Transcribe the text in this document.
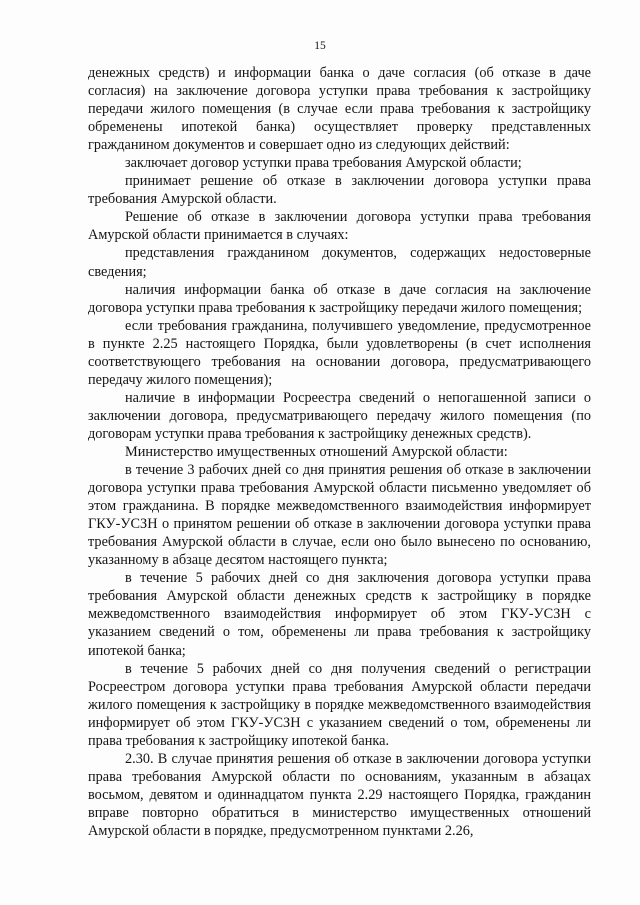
15

денежных средств) и информации банка о даче согласия (об отказе в даче согласия) на заключение договора уступки права требования к застройщику передачи жилого помещения (в случае если права требования к застройщику обременены ипотекой банка) осуществляет проверку представленных гражданином документов и совершает одно из следующих действий:

заключает договор уступки права требования Амурской области;

принимает решение об отказе в заключении договора уступки права требования Амурской области.

Решение об отказе в заключении договора уступки права требования Амурской области принимается в случаях:

представления гражданином документов, содержащих недостоверные сведения;

наличия информации банка об отказе в даче согласия на заключение договора уступки права требования к застройщику передачи жилого помещения;

если требования гражданина, получившего уведомление, предусмотренное в пункте 2.25 настоящего Порядка, были удовлетворены (в счет исполнения соответствующего требования на основании договора, предусматривающего передачу жилого помещения);

наличие в информации Росреестра сведений о непогашенной записи о заключении договора, предусматривающего передачу жилого помещения (по договорам уступки права требования к застройщику денежных средств).

Министерство имущественных отношений Амурской области:

в течение 3 рабочих дней со дня принятия решения об отказе в заключении договора уступки права требования Амурской области письменно уведомляет об этом гражданина. В порядке межведомственного взаимодействия информирует ГКУ-УСЗН о принятом решении об отказе в заключении договора уступки права требования Амурской области в случае, если оно было вынесено по основанию, указанному в абзаце десятом настоящего пункта;

в течение 5 рабочих дней со дня заключения договора уступки права требования Амурской области денежных средств к застройщику в порядке межведомственного взаимодействия информирует об этом ГКУ-УСЗН с указанием сведений о том, обременены ли права требования к застройщику ипотекой банка;

в течение 5 рабочих дней со дня получения сведений о регистрации Росреестром договора уступки права требования Амурской области передачи жилого помещения к застройщику в порядке межведомственного взаимодействия информирует об этом ГКУ-УСЗН с указанием сведений о том, обременены ли права требования к застройщику ипотекой банка.

2.30. В случае принятия решения об отказе в заключении договора уступки права требования Амурской области по основаниям, указанным в абзацах восьмом, девятом и одиннадцатом пункта 2.29 настоящего Порядка, гражданин вправе повторно обратиться в министерство имущественных отношений Амурской области в порядке, предусмотренном пунктами 2.26,
